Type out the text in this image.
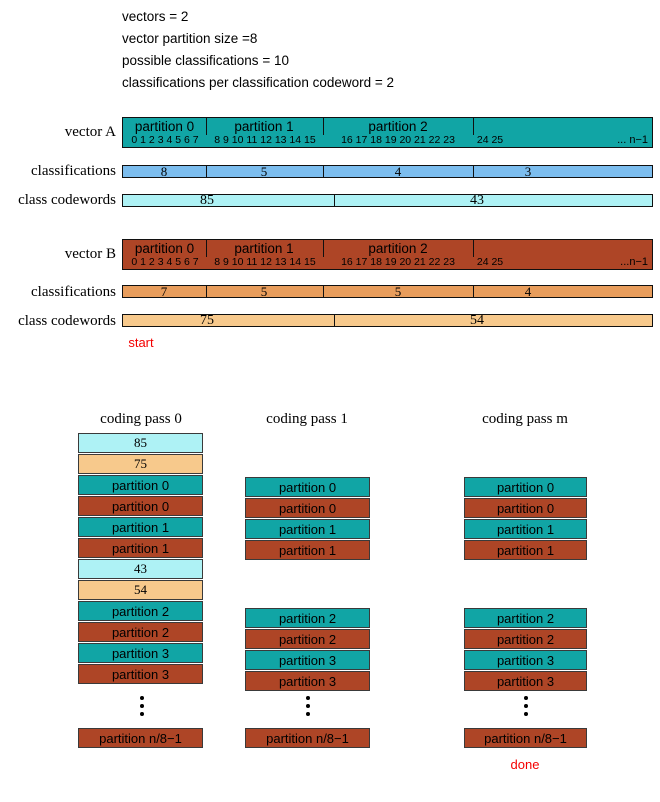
vectors = 2
vector partition size =8
possible classifications = 10
classifications per classification codeword = 2
vector A	partition 0	partition 1	partition 2
0 1 2 3 4 5 6 7	8 9 10 11 12 13 14 15	16 17 18 19 20 21 22 23	24 25	... n−1
classifications	8	5	4	3
class codewords	85	43
vector B	partition 0	partition 1	partition 2
0 1 2 3 4 5 6 7	8 9 10 11 12 13 14 15	16 17 18 19 20 21 22 23	24 25	...n−1
classifications	7	5	5	4
class codewords	75	54
start
done
coding pass 0	coding pass 1	coding pass m
85
75
partition 0
partition 0
partition 1
partition 1
43
54
partition 2
partition 2
partition 3
partition 3
partition n/8−1
partition 0
partition 0
partition 1
partition 1
partition 2
partition 2
partition 3
partition 3
partition n/8−1
partition 0
partition 0
partition 1
partition 1
partition 2
partition 2
partition 3
partition 3
partition n/8−1
